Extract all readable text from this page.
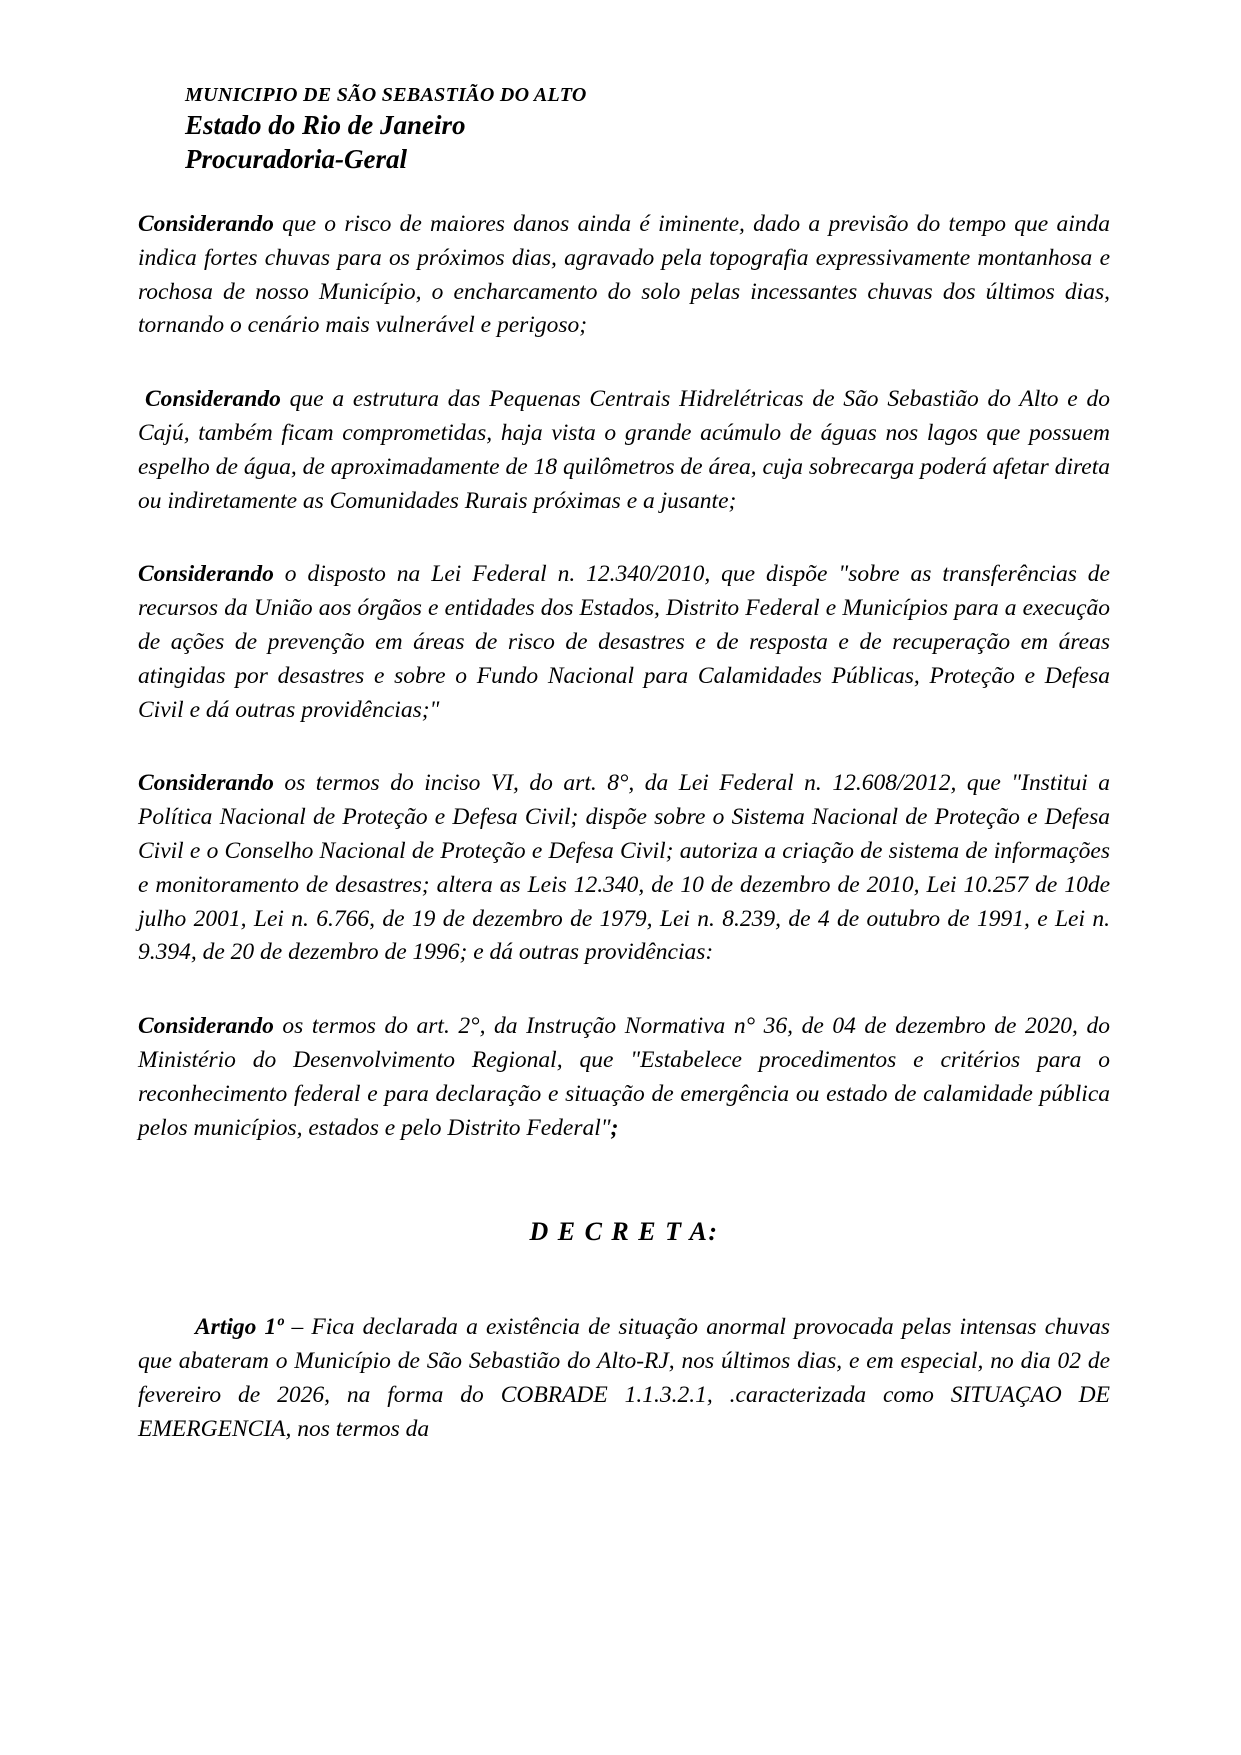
MUNICIPIO DE SÃO SEBASTIÃO DO ALTO
Estado do Rio de Janeiro
Procuradoria-Geral

Considerando que o risco de maiores danos ainda é iminente, dado a previsão do tempo que ainda indica fortes chuvas para os próximos dias, agravado pela topografia expressivamente montanhosa e rochosa de nosso Município, o encharcamento do solo pelas incessantes chuvas dos últimos dias, tornando o cenário mais vulnerável e perigoso;

Considerando que a estrutura das Pequenas Centrais Hidrelétricas de São Sebastião do Alto e do Cajú, também ficam comprometidas, haja vista o grande acúmulo de águas nos lagos que possuem espelho de água, de aproximadamente de 18 quilômetros de área, cuja sobrecarga poderá afetar direta ou indiretamente as Comunidades Rurais próximas e a jusante;

Considerando o disposto na Lei Federal n. 12.340/2010, que dispõe "sobre as transferências de recursos da União aos órgãos e entidades dos Estados, Distrito Federal e Municípios para a execução de ações de prevenção em áreas de risco de desastres e de resposta e de recuperação em áreas atingidas por desastres e sobre o Fundo Nacional para Calamidades Públicas, Proteção e Defesa Civil e dá outras providências;"

Considerando os termos do inciso VI, do art. 8°, da Lei Federal n. 12.608/2012, que "Institui a Política Nacional de Proteção e Defesa Civil; dispõe sobre o Sistema Nacional de Proteção e Defesa Civil e o Conselho Nacional de Proteção e Defesa Civil; autoriza a criação de sistema de informações e monitoramento de desastres; altera as Leis 12.340, de 10 de dezembro de 2010, Lei 10.257 de 10de julho 2001, Lei n. 6.766, de 19 de dezembro de 1979, Lei n. 8.239, de 4 de outubro de 1991, e Lei n. 9.394, de 20 de dezembro de 1996; e dá outras providências:

Considerando os termos do art. 2°, da Instrução Normativa n° 36, de 04 de dezembro de 2020, do Ministério do Desenvolvimento Regional, que "Estabelece procedimentos e critérios para o reconhecimento federal e para declaração e situação de emergência ou estado de calamidade pública pelos municípios, estados e pelo Distrito Federal";

D E C R E T A:

Artigo 1º – Fica declarada a existência de situação anormal provocada pelas intensas chuvas que abateram o Município de São Sebastião do Alto-RJ, nos últimos dias, e em especial, no dia 02 de fevereiro de 2026, na forma do COBRADE 1.1.3.2.1, .caracterizada como SITUAÇAO DE EMERGENCIA, nos termos da
